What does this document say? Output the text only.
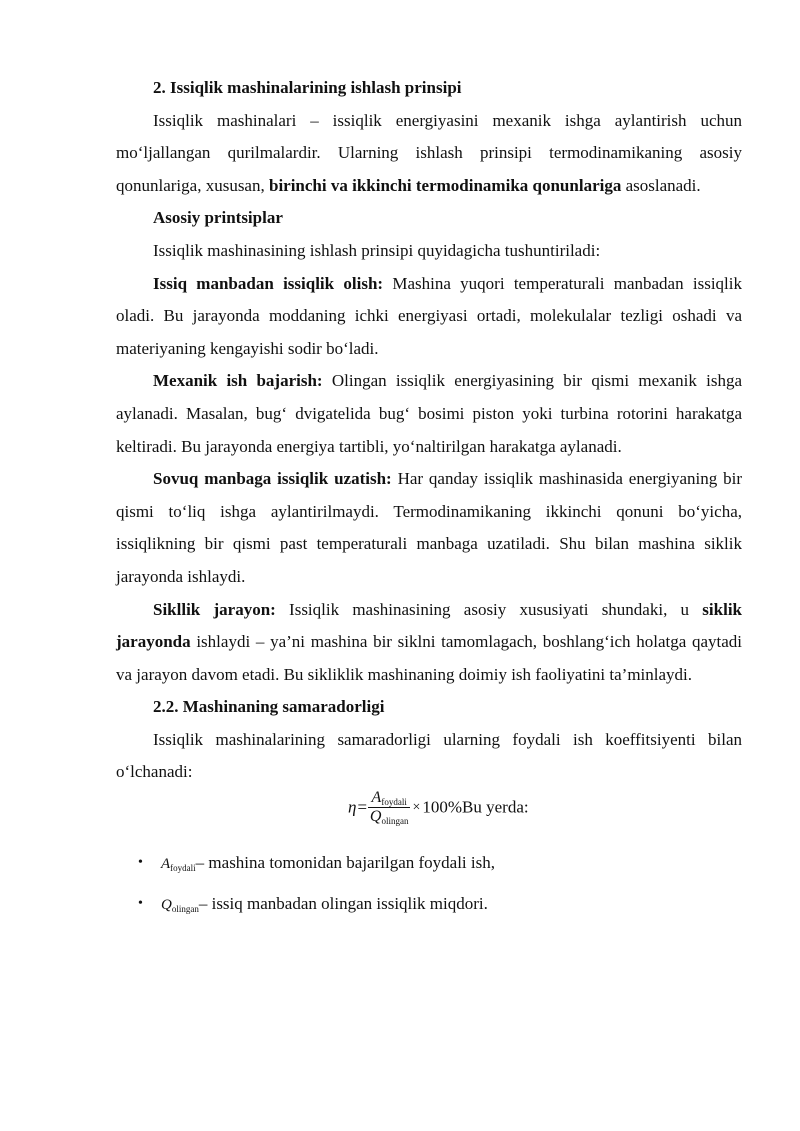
2. Issiqlik mashinalarining ishlash prinsipi

Issiqlik mashinalari – issiqlik energiyasini mexanik ishga aylantirish uchun mo‘ljallangan qurilmalardir. Ularning ishlash prinsipi termodinamikaning asosiy qonunlariga, xususan, birinchi va ikkinchi termodinamika qonunlariga asoslanadi.

Asosiy printsiplar

Issiqlik mashinasining ishlash prinsipi quyidagicha tushuntiriladi:

Issiq manbadan issiqlik olish: Mashina yuqori temperaturali manbadan issiqlik oladi. Bu jarayonda moddaning ichki energiyasi ortadi, molekulalar tezligi oshadi va materiyaning kengayishi sodir bo‘ladi.

Mexanik ish bajarish: Olingan issiqlik energiyasining bir qismi mexanik ishga aylanadi. Masalan, bug‘ dvigatelida bug‘ bosimi piston yoki turbina rotorini harakatga keltiradi. Bu jarayonda energiya tartibli, yo‘naltirilgan harakatga aylanadi.

Sovuq manbaga issiqlik uzatish: Har qanday issiqlik mashinasida energiyaning bir qismi to‘liq ishga aylantirilmaydi. Termodinamikaning ikkinchi qonuni bo‘yicha, issiqlikning bir qismi past temperaturali manbaga uzatiladi. Shu bilan mashina siklik jarayonda ishlaydi.

Sikllik jarayon: Issiqlik mashinasining asosiy xususiyati shundaki, u siklik jarayonda ishlaydi – ya’ni mashina bir siklni tamomlagach, boshlang‘ich holatga qaytadi va jarayon davom etadi. Bu sikliklik mashinaning doimiy ish faoliyatini ta’minlaydi.

2.2. Mashinaning samaradorligi

Issiqlik mashinalarining samaradorligi ularning foydali ish koeffitsiyenti bilan o‘lchanadi:

$\eta= \frac{A_{foydali}}{Q_{olingan}} \times 100\%Bu$ yerda:
• $A_{foydali}-$ mashina tomonidan bajarilgan foydali ish,
• $Q_{olingan}-$ issiq manbadan olingan issiqlik miqdori.
